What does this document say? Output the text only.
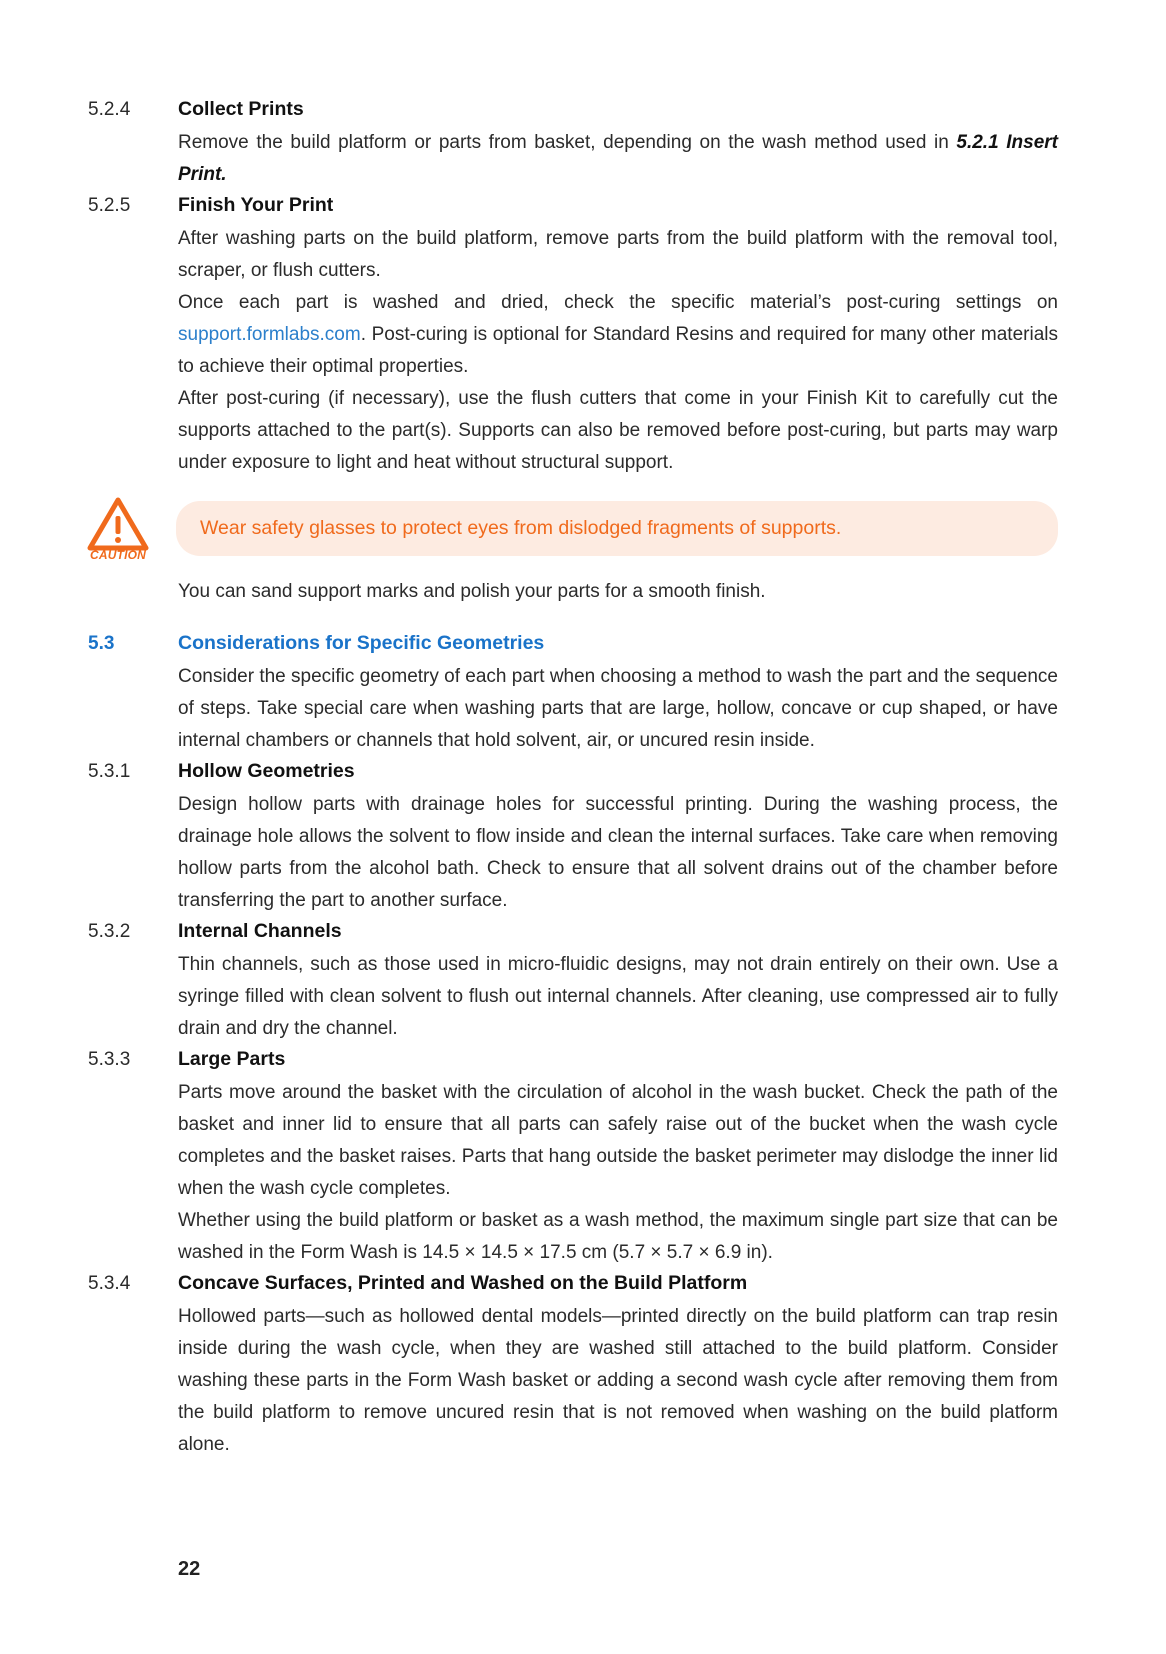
5.2.4	Collect Prints

Remove the build platform or parts from basket, depending on the wash method used in 5.2.1 Insert Print.

5.2.5	Finish Your Print

After washing parts on the build platform, remove parts from the build platform with the removal tool, scraper, or flush cutters.

Once each part is washed and dried, check the specific material’s post-curing settings on support.formlabs.com. Post-curing is optional for Standard Resins and required for many other materials to achieve their optimal properties.

After post-curing (if necessary), use the flush cutters that come in your Finish Kit to carefully cut the supports attached to the part(s). Supports can also be removed before post-curing, but parts may warp under exposure to light and heat without structural support.

CAUTION
Wear safety glasses to protect eyes from dislodged fragments of supports.

You can sand support marks and polish your parts for a smooth finish.

5.3	Considerations for Specific Geometries

Consider the specific geometry of each part when choosing a method to wash the part and the sequence of steps. Take special care when washing parts that are large, hollow, concave or cup shaped, or have internal chambers or channels that hold solvent, air, or uncured resin inside.

5.3.1	Hollow Geometries

Design hollow parts with drainage holes for successful printing. During the washing process, the drainage hole allows the solvent to flow inside and clean the internal surfaces. Take care when removing hollow parts from the alcohol bath. Check to ensure that all solvent drains out of the chamber before transferring the part to another surface.

5.3.2	Internal Channels

Thin channels, such as those used in micro-fluidic designs, may not drain entirely on their own. Use a syringe filled with clean solvent to flush out internal channels. After cleaning, use compressed air to fully drain and dry the channel.

5.3.3	Large Parts

Parts move around the basket with the circulation of alcohol in the wash bucket. Check the path of the basket and inner lid to ensure that all parts can safely raise out of the bucket when the wash cycle completes and the basket raises. Parts that hang outside the basket perimeter may dislodge the inner lid when the wash cycle completes.

Whether using the build platform or basket as a wash method, the maximum single part size that can be washed in the Form Wash is 14.5 × 14.5 × 17.5 cm (5.7 × 5.7 × 6.9 in).

5.3.4	Concave Surfaces, Printed and Washed on the Build Platform

Hollowed parts—such as hollowed dental models—printed directly on the build platform can trap resin inside during the wash cycle, when they are washed still attached to the build platform. Consider washing these parts in the Form Wash basket or adding a second wash cycle after removing them from the build platform to remove uncured resin that is not removed when washing on the build platform alone.

22
